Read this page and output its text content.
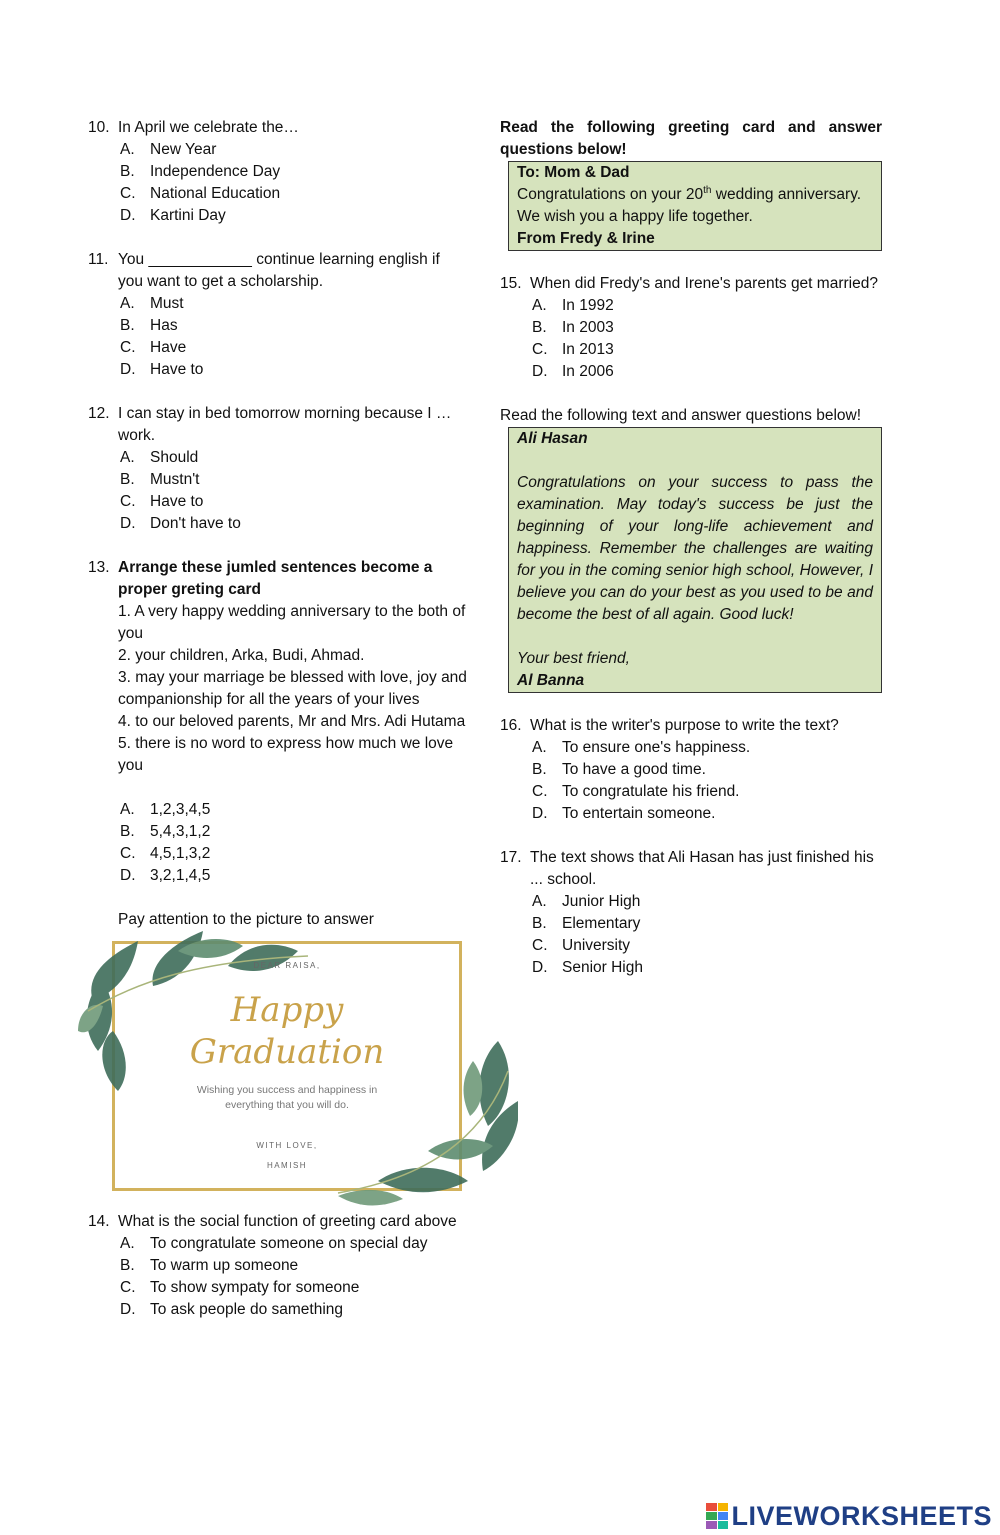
10. In April we celebrate the…
A. New Year
B. Independence Day
C. National Education
D. Kartini Day
11. You ____________ continue learning english if you want to get a scholarship.
A. Must
B. Has
C. Have
D. Have to
12. I can stay in bed tomorrow morning because I …work.
A. Should
B. Mustn't
C. Have to
D. Don't have to
13. Arrange these jumled sentences become a proper greting card
1. A very happy wedding anniversary to the both of you
2. your children, Arka, Budi, Ahmad.
3. may your marriage be blessed with love, joy and companionship for all the years of your lives
4. to our beloved parents, Mr and Mrs. Adi Hutama
5. there is no word to express how much we love you
A. 1,2,3,4,5
B. 5,4,3,1,2
C. 4,5,1,3,2
D. 3,2,1,4,5
Pay attention to the picture to answer
DEAR RAISA,
Happy
Graduation
Wishing you success and happiness in
everything that you will do.
WITH LOVE,
HAMISH
14. What is the social function of greeting card above
A. To congratulate someone on special day
B. To warm up someone
C. To show sympaty for someone
D. To ask people do samething
Read the following greeting card and answer questions below!

To: Mom & Dad

Congratulations on your 20th wedding anniversary.

We wish you a happy life together.

From Fredy & Irine

15. When did Fredy's and Irene's parents get married?
A. In 1992
B. In 2003
C. In 2013
D. In 2006
Read the following text and answer questions below!

Ali Hasan

Congratulations on your success to pass the examination. May today's success be just the beginning of your long-life achievement and happiness. Remember the challenges are waiting for you in the coming senior high school, However, I believe you can do your best as you used to be and become the best of all again. Good luck!

Your best friend,

Al Banna

16. What is the writer's purpose to write the text?
A. To ensure one's happiness.
B. To have a good time.
C. To congratulate his friend.
D. To entertain someone.
17. The text shows that Ali Hasan has just finished his ... school.
A. Junior High
B. Elementary
C. University
D. Senior High
LIVEWORKSHEETS
